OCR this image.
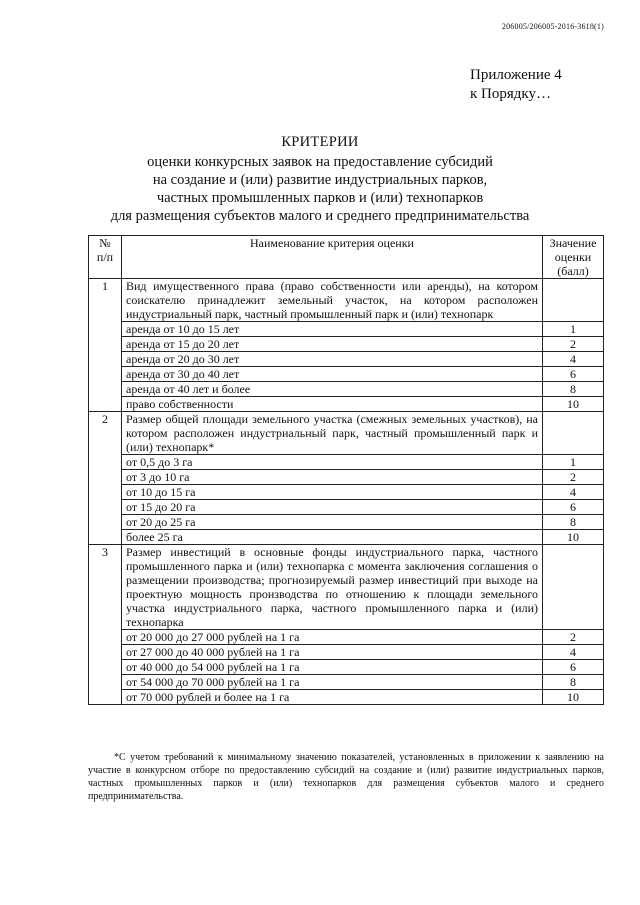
206005/206005-2016-3618(1)
Приложение 4
к Порядку…
КРИТЕРИИ
оценки конкурсных заявок на предоставление субсидий
на создание и (или) развитие индустриальных парков,
частных промышленных парков и (или) технопарков
для размещения субъектов малого и среднего предпринимательства
№ п/п	Наименование критерия оценки	Значение оценки (балл)
1	Вид имущественного права (право собственности или аренды), на котором соискателю принадлежит земельный участок, на котором расположен индустриальный парк, частный промышленный парк и (или) технопарк	
	аренда от 10 до 15 лет	1
	аренда от 15 до 20 лет	2
	аренда от 20 до 30 лет	4
	аренда от 30 до 40 лет	6
	аренда от 40 лет и более	8
	право собственности	10
2	Размер общей площади земельного участка (смежных земельных участков), на котором расположен индустриальный парк, частный промышленный парк и (или) технопарк*	
	от 0,5 до 3 га	1
	от 3 до 10 га	2
	от 10 до 15 га	4
	от 15 до 20 га	6
	от 20 до 25 га	8
	более 25 га	10
3	Размер инвестиций в основные фонды индустриального парка, частного промышленного парка и (или) технопарка с момента заключения соглашения о размещении производства; прогнозируемый размер инвестиций при выходе на проектную мощность производства по отношению к площади земельного участка индустриального парка, частного промышленного парка и (или) технопарка	
	от 20 000 до 27 000 рублей на 1 га	2
	от 27 000 до 40 000 рублей на 1 га	4
	от 40 000 до 54 000 рублей на 1 га	6
	от 54 000 до 70 000 рублей на 1 га	8
	от 70 000 рублей и более на 1 га	10
*С учетом требований к минимальному значению показателей, установленных в приложении к заявлению на участие в конкурсном отборе по предоставлению субсидий на создание и (или) развитие индустриальных парков, частных промышленных парков и (или) технопарков для размещения субъектов малого и среднего предпринимательства.
